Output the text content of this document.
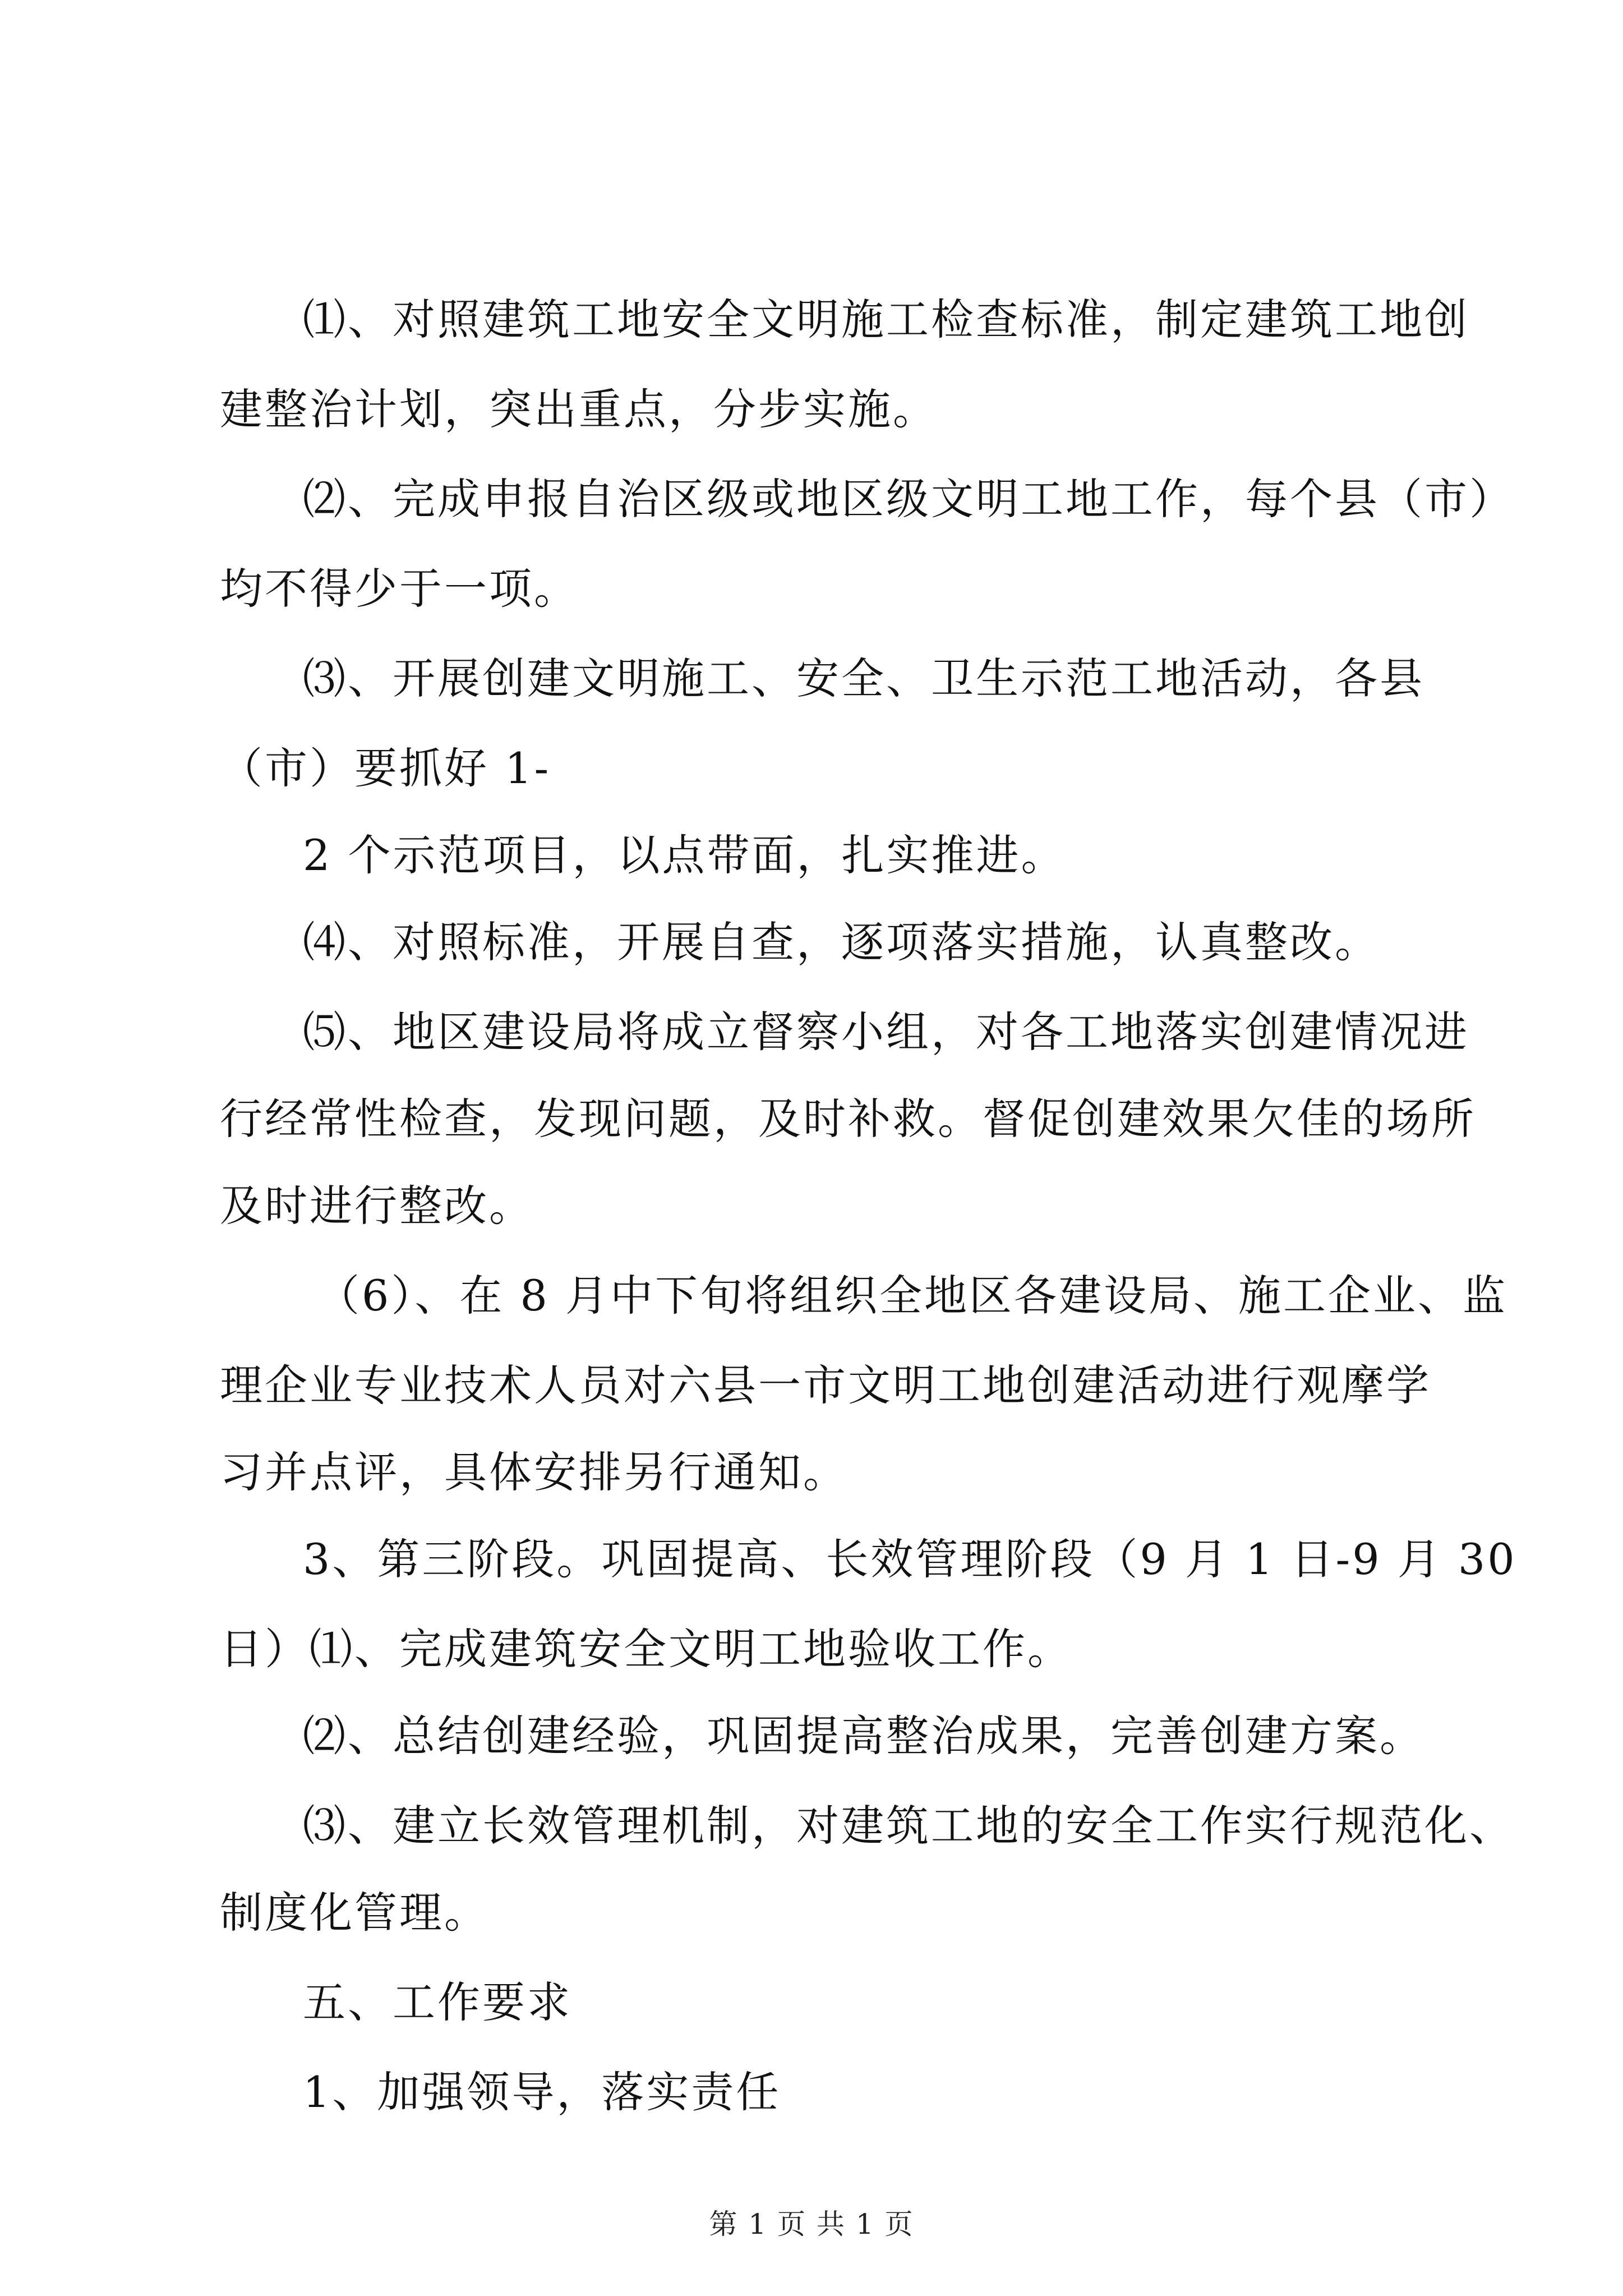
⑴、对照建筑工地安全文明施工检查标准，制定建筑工地创
建整治计划，突出重点，分步实施。
⑵、完成申报自治区级或地区级文明工地工作，每个县（市）
均不得少于一项。
⑶、开展创建文明施工、安全、卫生示范工地活动，各县
（市）要抓好 1-
2 个示范项目，以点带面，扎实推进。
⑷、对照标准，开展自查，逐项落实措施，认真整改。
⑸、地区建设局将成立督察小组，对各工地落实创建情况进
行经常性检查，发现问题，及时补救。督促创建效果欠佳的场所
及时进行整改。
（6）、在 8 月中下旬将组织全地区各建设局、施工企业、监
理企业专业技术人员对六县一市文明工地创建活动进行观摩学
习并点评，具体安排另行通知。
3、第三阶段。巩固提高、长效管理阶段（9 月 1 日-9 月 30
日）⑴、完成建筑安全文明工地验收工作。
⑵、总结创建经验，巩固提高整治成果，完善创建方案。
⑶、建立长效管理机制，对建筑工地的安全工作实行规范化、
制度化管理。
五、工作要求
1、加强领导，落实责任
第 1 页 共 1 页
